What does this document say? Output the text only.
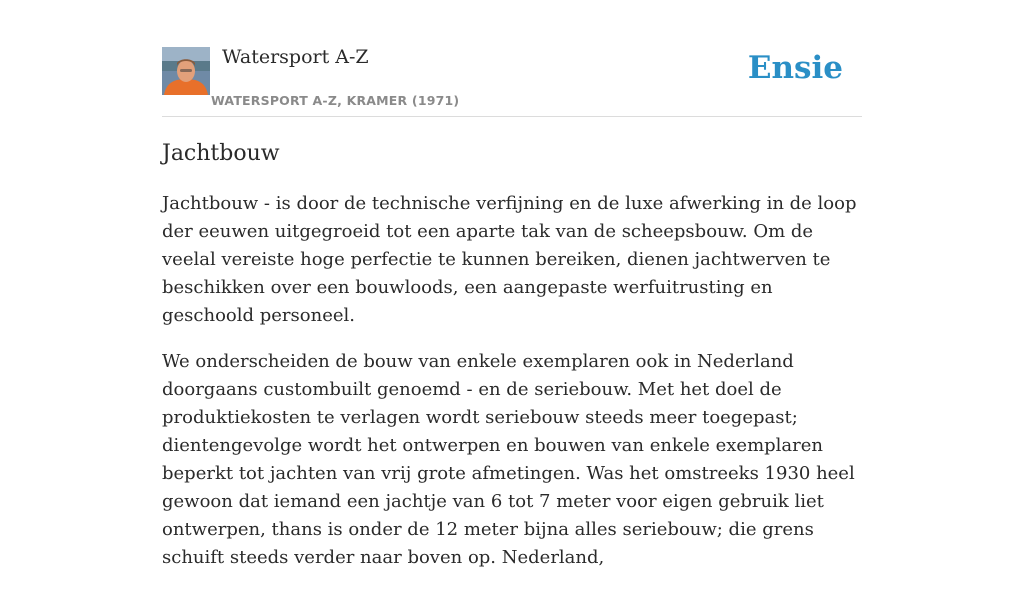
Watersport A-Z
WATERSPORT A-Z, KRAMER (1971)
Ensie
Jachtbouw

Jachtbouw - is door de technische verfijning en de luxe afwerking in de loop der eeuwen uitgegroeid tot een aparte tak van de scheepsbouw. Om de veelal vereiste hoge perfectie te kunnen bereiken, dienen jachtwerven te beschikken over een bouwloods, een aangepaste werfuitrusting en geschoold personeel.

We onderscheiden de bouw van enkele exemplaren ook in Nederland doorgaans custombuilt genoemd - en de seriebouw. Met het doel de produktiekosten te verlagen wordt seriebouw steeds meer toegepast; dientengevolge wordt het ontwerpen en bouwen van enkele exemplaren beperkt tot jachten van vrij grote afmetingen. Was het omstreeks 1930 heel gewoon dat iemand een jachtje van 6 tot 7 meter voor eigen gebruik liet ontwerpen, thans is onder de 12 meter bijna alles seriebouw; die grens schuift steeds verder naar boven op. Nederland,
